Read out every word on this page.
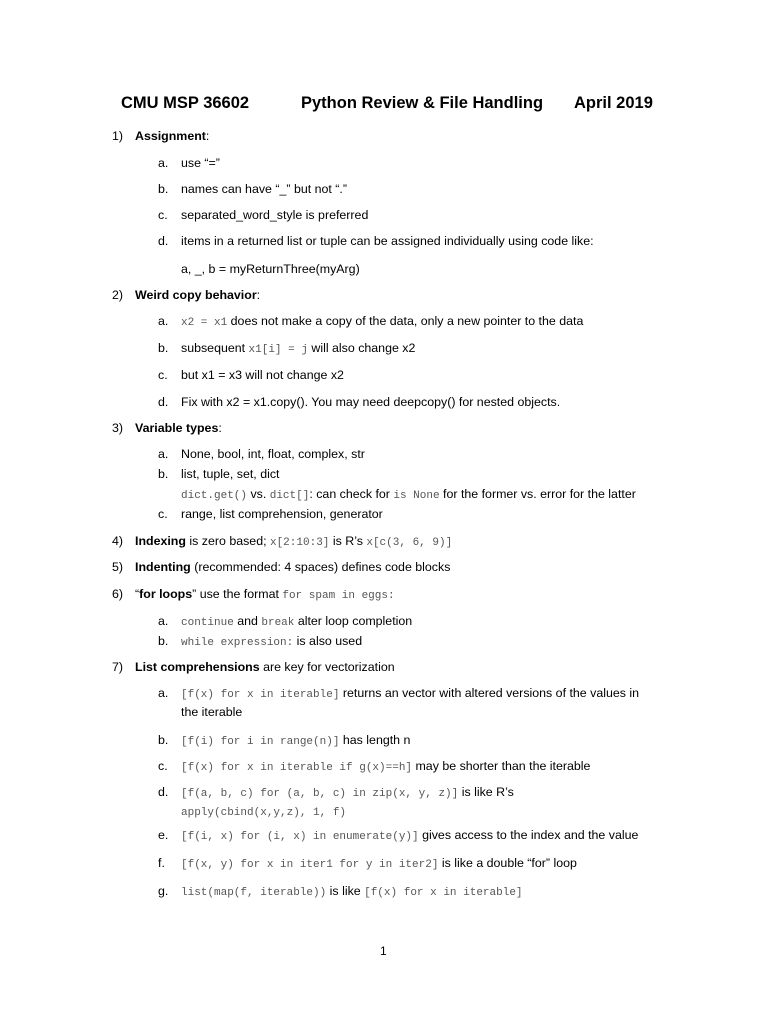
CMU MSP 36602	Python Review & File Handling April 2019
1) Assignment:
a. use “=”
b. names can have “_” but not “.”
c. separated_word_style is preferred
d. items in a returned list or tuple can be assigned individually using code like:
a, _, b = myReturnThree(myArg)
2) Weird copy behavior:
a. x2 = x1 does not make a copy of the data, only a new pointer to the data
b. subsequent x1[i] = j will also change x2
c. but x1 = x3 will not change x2
d. Fix with x2 = x1.copy(). You may need deepcopy() for nested objects.
3) Variable types:
a. None, bool, int, float, complex, str
b. list, tuple, set, dict
dict.get() vs. dict[]: can check for is None for the former vs. error for the latter
c. range, list comprehension, generator
4) Indexing is zero based; x[2:10:3] is R’s x[c(3, 6, 9)]
5) Indenting (recommended: 4 spaces) defines code blocks
6) “for loops” use the format for spam in eggs:
a. continue and break alter loop completion
b. while expression: is also used
7) List comprehensions are key for vectorization
a. [f(x) for x in iterable] returns an vector with altered versions of the values in
the iterable
b. [f(i) for i in range(n)] has length n
c. [f(x) for x in iterable if g(x)==h] may be shorter than the iterable
d. [f(a, b, c) for (a, b, c) in zip(x, y, z)] is like R’s
apply(cbind(x,y,z), 1, f)
e. [f(i, x) for (i, x) in enumerate(y)] gives access to the index and the value
f. [f(x, y) for x in iter1 for y in iter2] is like a double “for” loop
g. list(map(f, iterable)) is like [f(x) for x in iterable]
1
